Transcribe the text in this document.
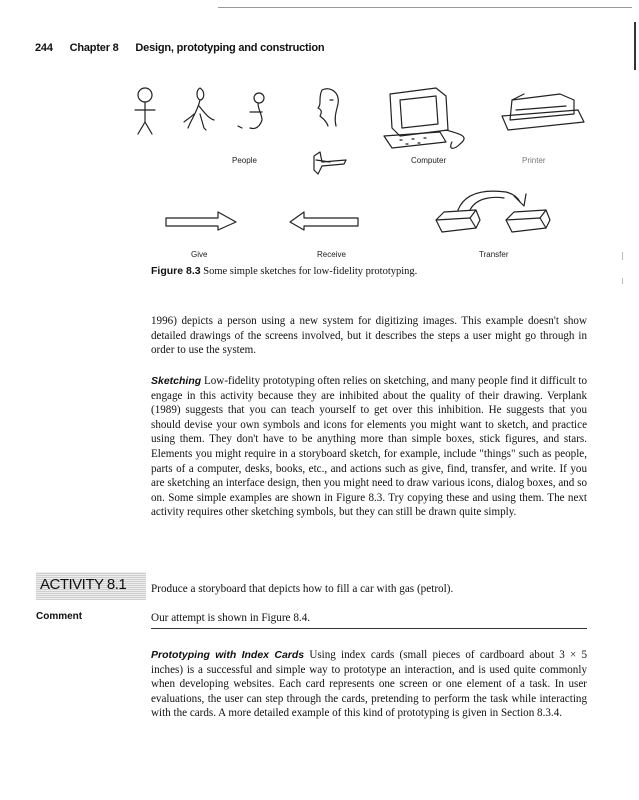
244 Chapter 8 Design, prototyping and construction
People	Computer	Printer
Give	Receive	Transfer
Figure 8.3 Some simple sketches for low-fidelity prototyping.

1996) depicts a person using a new system for digitizing images. This example doesn't show detailed drawings of the screens involved, but it describes the steps a user might go through in order to use the system.

Sketching Low-fidelity prototyping often relies on sketching, and many people find it difficult to engage in this activity because they are inhibited about the quality of their drawing. Verplank (1989) suggests that you can teach yourself to get over this inhibition. He suggests that you should devise your own symbols and icons for elements you might want to sketch, and practice using them. They don't have to be anything more than simple boxes, stick figures, and stars. Elements you might require in a storyboard sketch, for example, include "things" such as people, parts of a computer, desks, books, etc., and actions such as give, find, transfer, and write. If you are sketching an interface design, then you might need to draw various icons, dialog boxes, and so on. Some simple examples are shown in Figure 8.3. Try copying these and using them. The next activity requires other sketching symbols, but they can still be drawn quite simply.

ACTIVITY 8.1 Produce a storyboard that depicts how to fill a car with gas (petrol).
Comment	Our attempt is shown in Figure 8.4.

Prototyping with Index Cards Using index cards (small pieces of cardboard about 3 × 5 inches) is a successful and simple way to prototype an interaction, and is used quite commonly when developing websites. Each card represents one screen or one element of a task. In user evaluations, the user can step through the cards, pretending to perform the task while interacting with the cards. A more detailed example of this kind of prototyping is given in Section 8.3.4.
